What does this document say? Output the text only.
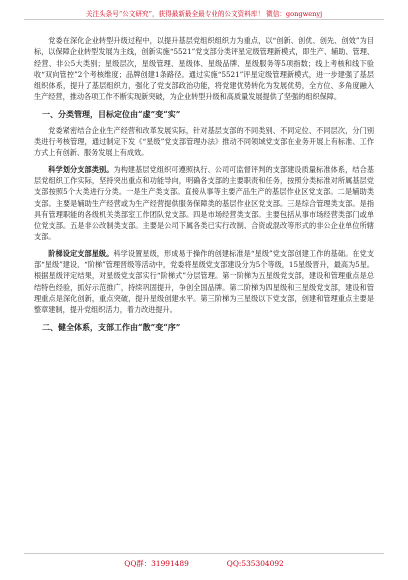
关注头条号“公文研究”，获得最新最全最专业的公文资料库！ 微信：gongwenyj

党委在深化企业转型升级过程中，以提升基层党组织组织力为重点，以“创新、创优、创先、创效”为目标，以保障企业转型发展为主线，创新实施“5521”党支部分类评星定级管理新模式，即生产、辅助、管理、经营、非公5大类别；星级层次，星级管理、星级体、星级品牌、星级服务等5项指数；线上考核和线下验收“双向管控”2个考核维度；品牌创建1条路径。通过实施“5521”评星定级管理新模式，进一步建强了基层组织体系，提升了基层组织力，强化了党支部政治功能，将党建优势转化为发展优势，全方位、多角度融入生产经营，推动各项工作不断实现新突破，为企业转型升级和高质量发展提供了坚强的组织保障。

一、分类管理，目标定位由“虚”变“实”

党委紧密结合企业生产经营和改革发展实际，针对基层支部的不同类别、不同定位、不同层次，分门别类进行考核管理，通过制定下发《“星级”党支部管理办法》推动不同领域党支部在业务开展上有标准、工作方式上有创新、服务发展上有成效。

科学划分支部类别。为构建基层党组织可遵照执行、公司可监督评判的支部建设质量标准体系，结合基层党组织工作实际，坚持突出重点和功能导向，明确各支部的主要职责和任务，按照分类标准对所属基层党支部按照5个大类进行分类。一是生产类支部。直接从事等主要产品生产的基层作业区党支部。二是辅助类支部。主要是辅助生产经营或为生产经营提供服务保障类的基层作业区党支部。三是综合管理类支部。是指具有管理职能的各级机关类部室工作团队党支部。四是市场经营类支部。主要包括从事市场经营类部门或单位党支部。五是非公改制类支部。主要是公司下属各类已实行改制、合资或混改等形式的非公企业单位所辖支部。

阶梯设定支部星级。科学设置星级，形成易于操作的创建标准是“星级”党支部创建工作的基础。在党支部“星级”建设、“阶梯”管理晋级等活动中，党委将星级党支部建设分为5个等级，15星级晋升，最高为5星。根据星级评定结果，对星级党支部实行“阶梯式”分层管理。第一阶梯为五星级党支部，建设和管理重点是总结特色经验，抓好示范推广，持续巩固提升，争创全国品牌。第二阶梯为四星级和三星级党支部，建设和管理重点是深化创新，重点突破，提升星级创建水平。第三阶梯为三星级以下党支部，创建和管理重点主要是整章建制，提升党组织活力，着力改进提升。

二、健全体系，支部工作由“散”变“序”
QQ群：31991489	QQ:535304092
